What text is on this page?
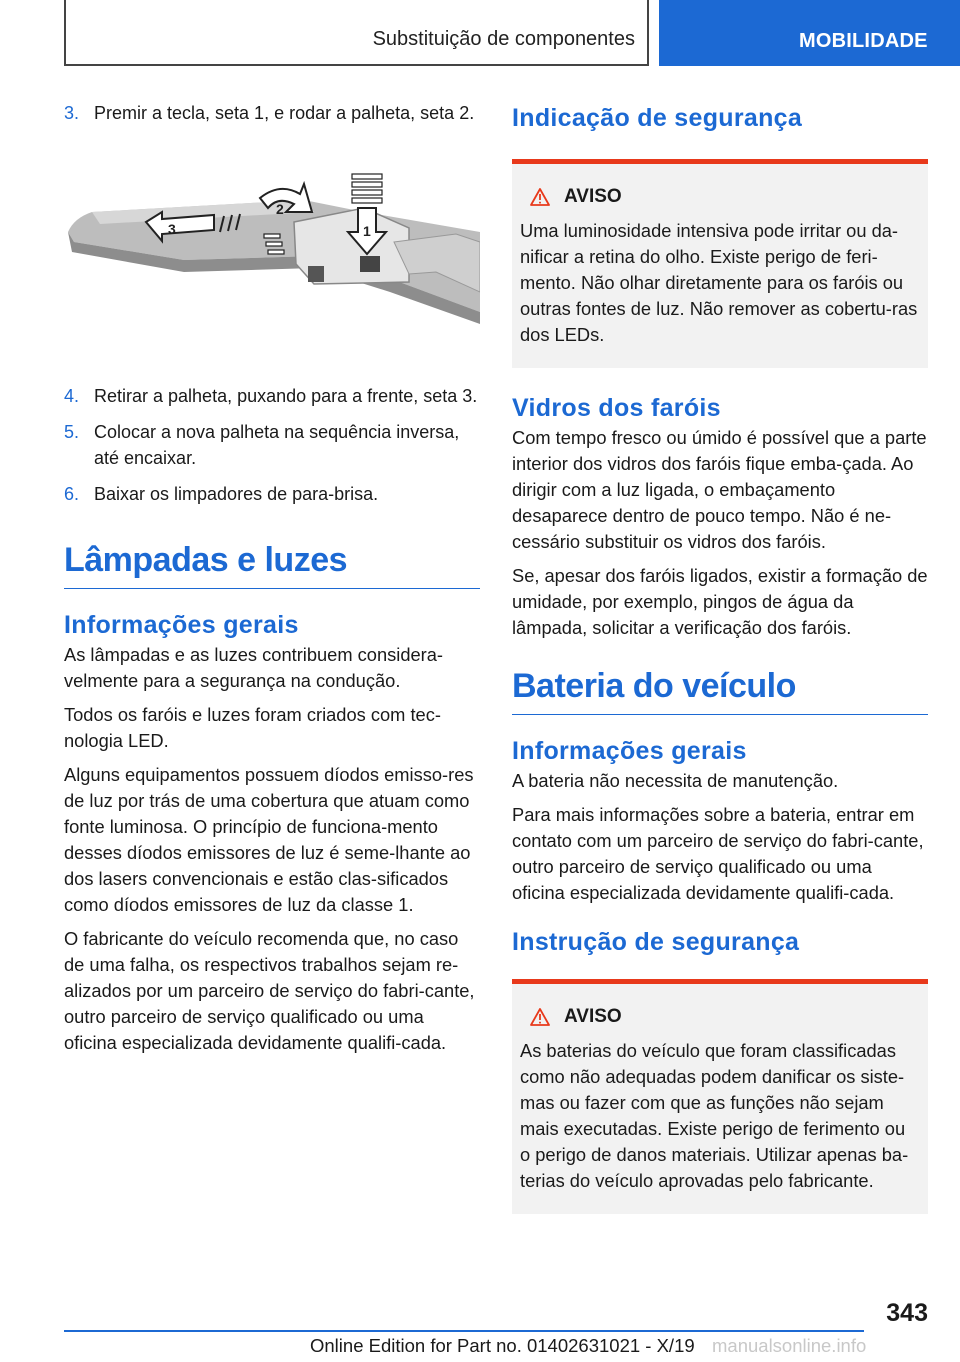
Substituição de componentes	MOBILIDADE
3. Premir a tecla, seta 1, e rodar a palheta, seta 2.
3
2
1
4. Retirar a palheta, puxando para a frente, seta 3.
5. Colocar a nova palheta na sequência inversa, até encaixar.
6. Baixar os limpadores de para-brisa.
Lâmpadas e luzes
Informações gerais
As lâmpadas e as luzes contribuem considera-velmente para a segurança na condução.
Todos os faróis e luzes foram criados com tec-nologia LED.
Alguns equipamentos possuem díodos emisso-res de luz por trás de uma cobertura que atuam como fonte luminosa. O princípio de funciona-mento desses díodos emissores de luz é seme-lhante ao dos lasers convencionais e estão clas-sificados como díodos emissores de luz da classe 1.
O fabricante do veículo recomenda que, no caso de uma falha, os respectivos trabalhos sejam re-alizados por um parceiro de serviço do fabri-cante, outro parceiro de serviço qualificado ou uma oficina especializada devidamente qualifi-cada.
Indicação de segurança
AVISO
Uma luminosidade intensiva pode irritar ou da-nificar a retina do olho. Existe perigo de feri-mento. Não olhar diretamente para os faróis ou outras fontes de luz. Não remover as cobertu-ras dos LEDs.
Vidros dos faróis
Com tempo fresco ou úmido é possível que a parte interior dos vidros dos faróis fique emba-çada. Ao dirigir com a luz ligada, o embaçamento desaparece dentro de pouco tempo. Não é ne-cessário substituir os vidros dos faróis.
Se, apesar dos faróis ligados, existir a formação de umidade, por exemplo, pingos de água da lâmpada, solicitar a verificação dos faróis.
Bateria do veículo
Informações gerais
A bateria não necessita de manutenção.
Para mais informações sobre a bateria, entrar em contato com um parceiro de serviço do fabri-cante, outro parceiro de serviço qualificado ou uma oficina especializada devidamente qualifi-cada.
Instrução de segurança
AVISO
As baterias do veículo que foram classificadas como não adequadas podem danificar os siste-mas ou fazer com que as funções não sejam mais executadas. Existe perigo de ferimento ou o perigo de danos materiais. Utilizar apenas ba-terias do veículo aprovadas pelo fabricante.
343
Online Edition for Part no. 01402631021 - X/19 manualsonline.info
